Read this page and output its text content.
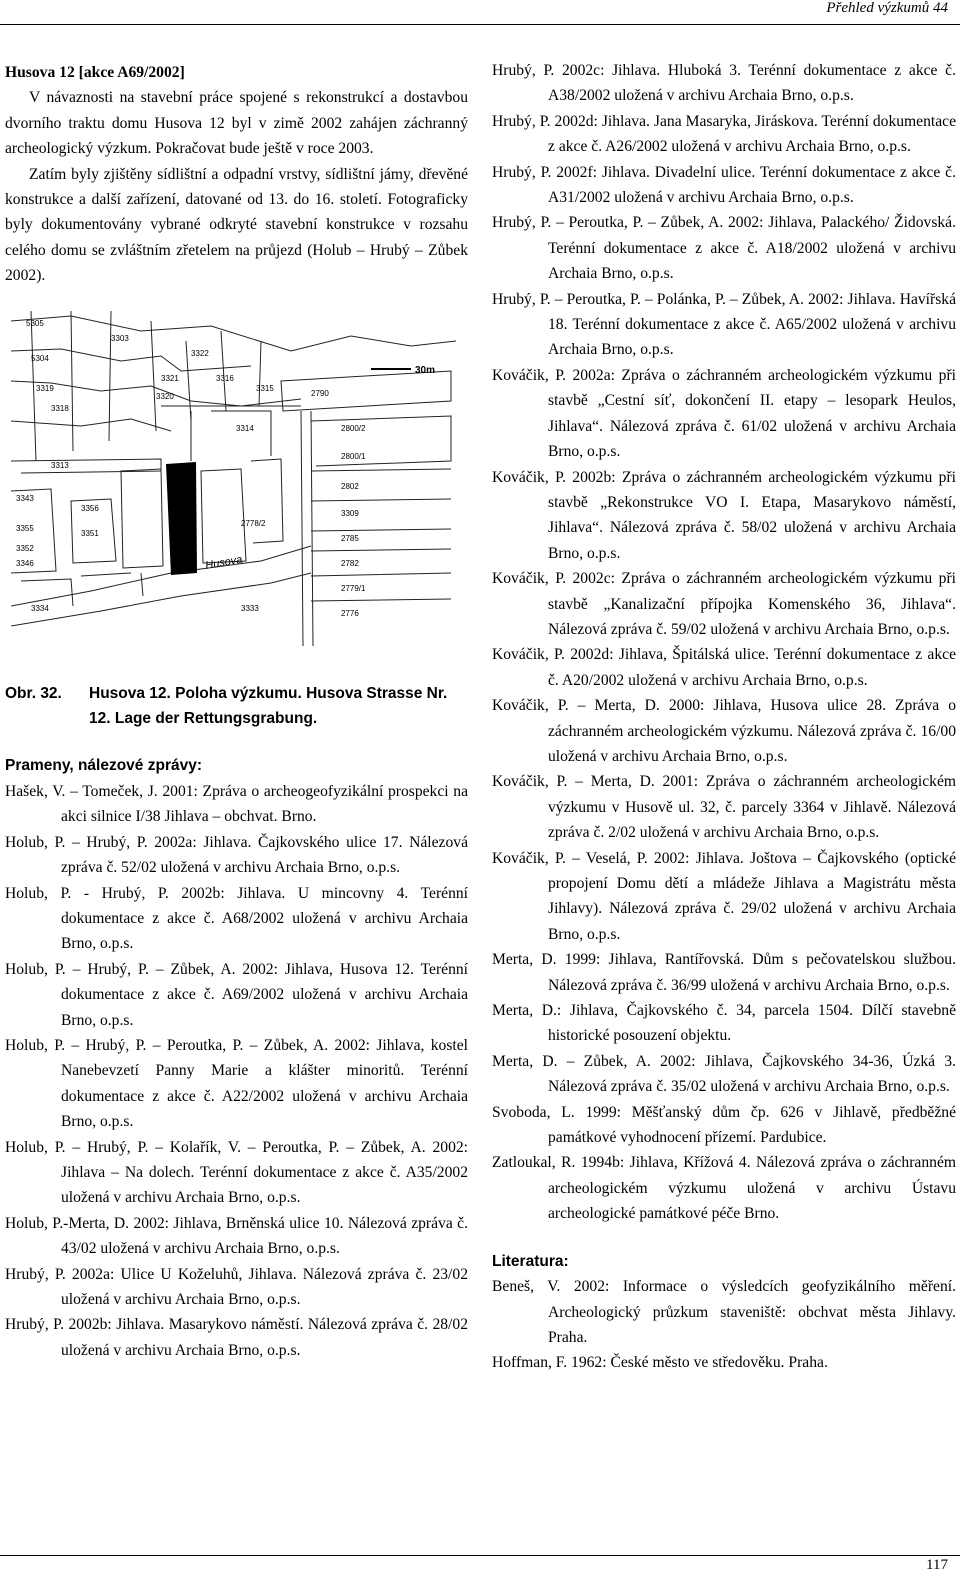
Přehled výzkumů 44

Husova 12 [akce A69/2002]

V návaznosti na stavební práce spojené s rekonstrukcí a dostavbou dvorního traktu domu Husova 12 byl v zimě 2002 zahájen záchranný archeologický výzkum. Pokračovat bude ještě v roce 2003.

Zatím byly zjištěny sídlištní a odpadní vrstvy, sídlištní jámy, dřevěné konstrukce a další zařízení, datované od 13. do 16. století. Fotograficky byly dokumentovány vybrané odkryté stavební konstrukce v rozsahu celého domu se zvláštním zřetelem na průjezd (Holub – Hrubý – Zůbek 2002).

30m
5305
5304
3319
3318
3303
3321
3320
3322
3316
3315
2790
3314	2800/2
2800/1
2802
3313
3343
3356
3355
3351
3352
3346
3309
2785
2782
2779/1
2776
2778/2
3333
3334
Husova
Obr. 32.	Husova 12. Poloha výzkumu. Husova Strasse Nr. 12. Lage der Rettungsgrabung.

Prameny, nálezové zprávy:

Hašek, V. – Tomeček, J. 2001: Zpráva o archeogeofyzikální prospekci na akci silnice I/38 Jihlava – obchvat. Brno.

Holub, P. – Hrubý, P. 2002a: Jihlava. Čajkovského ulice 17. Nálezová zpráva č. 52/02 uložená v archivu Archaia Brno, o.p.s.

Holub, P. - Hrubý, P. 2002b: Jihlava. U mincovny 4. Terénní dokumentace z akce č. A68/2002 uložená v archivu Archaia Brno, o.p.s.

Holub, P. – Hrubý, P. – Zůbek, A. 2002: Jihlava, Husova 12. Terénní dokumentace z akce č. A69/2002 uložená v archivu Archaia Brno, o.p.s.

Holub, P. – Hrubý, P. – Peroutka, P. – Zůbek, A. 2002: Jihlava, kostel Nanebevzetí Panny Marie a klášter minoritů. Terénní dokumentace z akce č. A22/2002 uložená v archivu Archaia Brno, o.p.s.

Holub, P. – Hrubý, P. – Kolařík, V. – Peroutka, P. – Zůbek, A. 2002: Jihlava – Na dolech. Terénní dokumentace z akce č. A35/2002 uložená v archivu Archaia Brno, o.p.s.

Holub, P.-Merta, D. 2002: Jihlava, Brněnská ulice 10. Nálezová zpráva č. 43/02 uložená v archivu Archaia Brno, o.p.s.

Hrubý, P. 2002a: Ulice U Koželuhů, Jihlava. Nálezová zpráva č. 23/02 uložená v archivu Archaia Brno, o.p.s.

Hrubý, P. 2002b: Jihlava. Masarykovo náměstí. Nálezová zpráva č. 28/02 uložená v archivu Archaia Brno, o.p.s.

Hrubý, P. 2002c: Jihlava. Hluboká 3. Terénní dokumentace z akce č. A38/2002 uložená v archivu Archaia Brno, o.p.s.

Hrubý, P. 2002d: Jihlava. Jana Masaryka, Jiráskova. Terénní dokumentace z akce č. A26/2002 uložená v archivu Archaia Brno, o.p.s.

Hrubý, P. 2002f: Jihlava. Divadelní ulice. Terénní dokumentace z akce č. A31/2002 uložená v archivu Archaia Brno, o.p.s.

Hrubý, P. – Peroutka, P. – Zůbek, A. 2002: Jihlava, Palackého/ Židovská. Terénní dokumentace z akce č. A18/2002 uložená v archivu Archaia Brno, o.p.s.

Hrubý, P. – Peroutka, P. – Polánka, P. – Zůbek, A. 2002: Jihlava. Havířská 18. Terénní dokumentace z akce č. A65/2002 uložená v archivu Archaia Brno, o.p.s.

Kováčik, P. 2002a: Zpráva o záchranném archeologickém výzkumu při stavbě „Cestní síť, dokončení II. etapy – lesopark Heulos, Jihlava“. Nálezová zpráva č. 61/02 uložená v archivu Archaia Brno, o.p.s.

Kováčik, P. 2002b: Zpráva o záchranném archeologickém výzkumu při stavbě „Rekonstrukce VO I. Etapa, Masarykovo náměstí, Jihlava“. Nálezová zpráva č. 58/02 uložená v archivu Archaia Brno, o.p.s.

Kováčik, P. 2002c: Zpráva o záchranném archeologickém výzkumu při stavbě „Kanalizační přípojka Komenského 36, Jihlava“. Nálezová zpráva č. 59/02 uložená v archivu Archaia Brno, o.p.s.

Kováčik, P. 2002d: Jihlava, Špitálská ulice. Terénní dokumentace z akce č. A20/2002 uložená v archivu Archaia Brno, o.p.s.

Kováčik, P. – Merta, D. 2000: Jihlava, Husova ulice 28. Zpráva o záchranném archeologickém výzkumu. Nálezová zpráva č. 16/00 uložená v archivu Archaia Brno, o.p.s.

Kováčik, P. – Merta, D. 2001: Zpráva o záchranném archeologickém výzkumu v Husově ul. 32, č. parcely 3364 v Jihlavě. Nálezová zpráva č. 2/02 uložená v archivu Archaia Brno, o.p.s.

Kováčik, P. – Veselá, P. 2002: Jihlava. Joštova – Čajkovského (optické propojení Domu dětí a mládeže Jihlava a Magistrátu města Jihlavy). Nálezová zpráva č. 29/02 uložená v archivu Archaia Brno, o.p.s.

Merta, D. 1999: Jihlava, Rantířovská. Dům s pečovatelskou službou. Nálezová zpráva č. 36/99 uložená v archivu Archaia Brno, o.p.s.

Merta, D.: Jihlava, Čajkovského č. 34, parcela 1504. Dílčí stavebně historické posouzení objektu.

Merta, D. – Zůbek, A. 2002: Jihlava, Čajkovského 34-36, Úzká 3. Nálezová zpráva č. 35/02 uložená v archivu Archaia Brno, o.p.s.

Svoboda, L. 1999: Měšťanský dům čp. 626 v Jihlavě, předběžné památkové vyhodnocení přízemí. Pardubice.

Zatloukal, R. 1994b: Jihlava, Křížová 4. Nálezová zpráva o záchranném archeologickém výzkumu uložená v archivu Ústavu archeologické památkové péče Brno.

Literatura:

Beneš, V. 2002: Informace o výsledcích geofyzikálního měření. Archeologický průzkum staveniště: obchvat města Jihlavy. Praha.

Hoffman, F. 1962: České město ve středověku. Praha.

117
